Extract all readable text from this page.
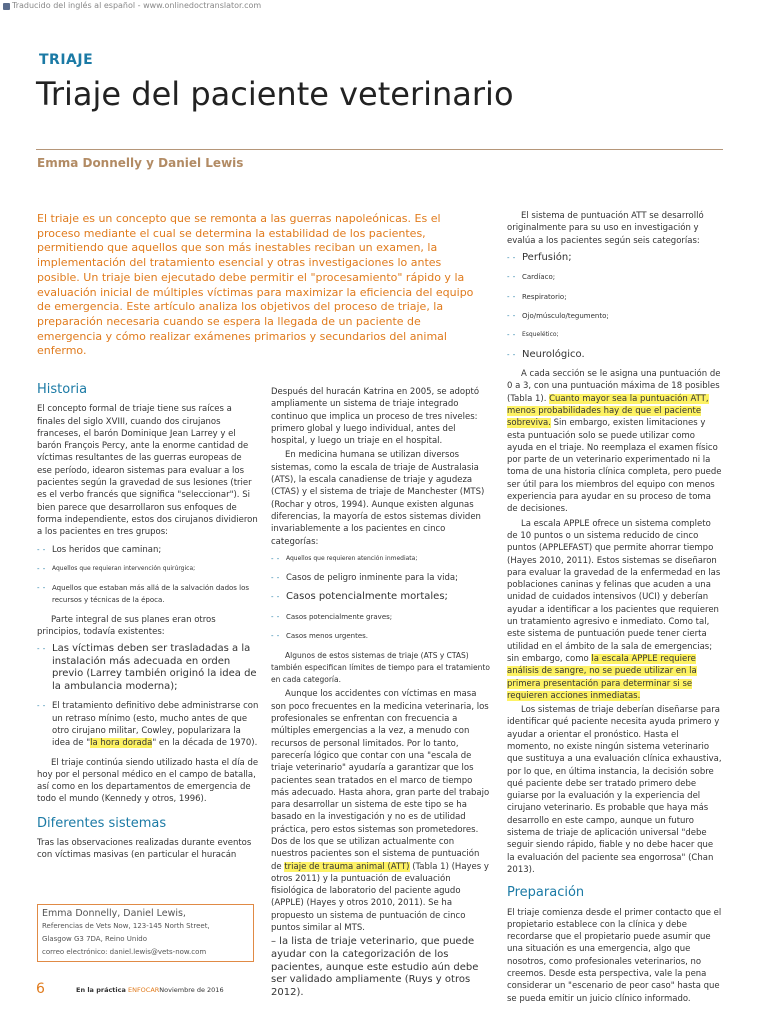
Traducido del inglés al español - www.onlinedoctranslator.com
TRIAJE
Triaje del paciente veterinario
Emma Donnelly y Daniel Lewis

El triaje es un concepto que se remonta a las guerras napoleónicas. Es el proceso mediante el cual se determina la estabilidad de los pacientes, permitiendo que aquellos que son más inestables reciban un examen, la implementación del tratamiento esencial y otras investigaciones lo antes posible. Un triaje bien ejecutado debe permitir el "procesamiento" rápido y la evaluación inicial de múltiples víctimas para maximizar la eficiencia del equipo de emergencia. Este artículo analiza los objetivos del proceso de triaje, la preparación necesaria cuando se espera la llegada de un paciente de emergencia y cómo realizar exámenes primarios y secundarios del animal enfermo.

Historia

El concepto formal de triaje tiene sus raíces a finales del siglo XVIII, cuando dos cirujanos franceses, el barón Dominique Jean Larrey y el barón François Percy, ante la enorme cantidad de víctimas resultantes de las guerras europeas de ese período, idearon sistemas para evaluar a los pacientes según la gravedad de sus lesiones (trier es el verbo francés que significa "seleccionar"). Si bien parece que desarrollaron sus enfoques de forma independiente, estos dos cirujanos dividieron a los pacientes en tres grupos:

- - Los heridos que caminan;
- - Aquellos que requieran intervención quirúrgica;
- - Aquellos que estaban más allá de la salvación dados los recursos y técnicas de la época.

Parte integral de sus planes eran otros principios, todavía existentes:

- - Las víctimas deben ser trasladadas a la instalación más adecuada en orden previo (Larrey también originó la idea de la ambulancia moderna);
- - El tratamiento definitivo debe administrarse con un retraso mínimo (esto, mucho antes de que otro cirujano militar, Cowley, popularizara la idea de "la hora dorada" en la década de 1970).

El triaje continúa siendo utilizado hasta el día de hoy por el personal médico en el campo de batalla, así como en los departamentos de emergencia de todo el mundo (Kennedy y otros, 1996).

Diferentes sistemas

Tras las observaciones realizadas durante eventos con víctimas masivas (en particular el huracán

Emma Donnelly, Daniel Lewis,
Referencias de Vets Now, 123-145 North Street,
Glasgow G3 7DA, Reino Unido
correo electrónico: daniel.lewis@vets-now.com

Después del huracán Katrina en 2005, se adoptó ampliamente un sistema de triaje integrado continuo que implica un proceso de tres niveles: primero global y luego individual, antes del hospital, y luego un triaje en el hospital.

En medicina humana se utilizan diversos sistemas, como la escala de triaje de Australasia (ATS), la escala canadiense de triaje y agudeza (CTAS) y el sistema de triaje de Manchester (MTS) (Rochar y otros, 1994). Aunque existen algunas diferencias, la mayoría de estos sistemas dividen invariablemente a los pacientes en cinco categorías:

- - Aquellos que requieren atención inmediata;
- - Casos de peligro inminente para la vida;
- - Casos potencialmente mortales;
- - Casos potencialmente graves;
- - Casos menos urgentes.

Algunos de estos sistemas de triaje (ATS y CTAS) también especifican límites de tiempo para el tratamiento en cada categoría.

Aunque los accidentes con víctimas en masa son poco frecuentes en la medicina veterinaria, los profesionales se enfrentan con frecuencia a múltiples emergencias a la vez, a menudo con recursos de personal limitados. Por lo tanto, parecería lógico que contar con una "escala de triaje veterinario" ayudaría a garantizar que los pacientes sean tratados en el marco de tiempo más adecuado. Hasta ahora, gran parte del trabajo para desarrollar un sistema de este tipo se ha basado en la investigación y no es de utilidad práctica, pero estos sistemas son prometedores. Dos de los que se utilizan actualmente con nuestros pacientes son el sistema de puntuación de triaje de trauma animal (ATT) (Tabla 1) (Hayes y otros 2011) y la puntuación de evaluación fisiológica de laboratorio del paciente agudo (APPLE) (Hayes y otros 2010, 2011). Se ha propuesto un sistema de puntuación de cinco puntos similar al MTS.

– la lista de triaje veterinario, que puede ayudar con la categorización de los pacientes, aunque este estudio aún debe ser validado ampliamente (Ruys y otros 2012).

El sistema de puntuación ATT se desarrolló originalmente para su uso en investigación y evalúa a los pacientes según seis categorías:

- - Perfusión;
- - Cardíaco;
- - Respiratorio;
- - Ojo/músculo/tegumento;
- - Esquelético;
- - Neurológico.

A cada sección se le asigna una puntuación de 0 a 3, con una puntuación máxima de 18 posibles (Tabla 1). Cuanto mayor sea la puntuación ATT, menos probabilidades hay de que el paciente sobreviva. Sin embargo, existen limitaciones y esta puntuación solo se puede utilizar como ayuda en el triaje. No reemplaza el examen físico por parte de un veterinario experimentado ni la toma de una historia clínica completa, pero puede ser útil para los miembros del equipo con menos experiencia para ayudar en su proceso de toma de decisiones.

La escala APPLE ofrece un sistema completo de 10 puntos o un sistema reducido de cinco puntos (APPLEFAST) que permite ahorrar tiempo (Hayes 2010, 2011). Estos sistemas se diseñaron para evaluar la gravedad de la enfermedad en las poblaciones caninas y felinas que acuden a una unidad de cuidados intensivos (UCI) y deberían ayudar a identificar a los pacientes que requieren un tratamiento agresivo e inmediato. Como tal, este sistema de puntuación puede tener cierta utilidad en el ámbito de la sala de emergencias; sin embargo, como la escala APPLE requiere análisis de sangre, no se puede utilizar en la primera presentación para determinar si se requieren acciones inmediatas.

Los sistemas de triaje deberían diseñarse para identificar qué paciente necesita ayuda primero y ayudar a orientar el pronóstico. Hasta el momento, no existe ningún sistema veterinario que sustituya a una evaluación clínica exhaustiva, por lo que, en última instancia, la decisión sobre qué paciente debe ser tratado primero debe guiarse por la evaluación y la experiencia del cirujano veterinario. Es probable que haya más desarrollo en este campo, aunque un futuro sistema de triaje de aplicación universal "debe seguir siendo rápido, fiable y no debe hacer que la evaluación del paciente sea engorrosa" (Chan 2013).

Preparación

El triaje comienza desde el primer contacto que el propietario establece con la clínica y debe recordarse que el propietario puede asumir que una situación es una emergencia, algo que nosotros, como profesionales veterinarios, no creemos. Desde esta perspectiva, vale la pena considerar un "escenario de peor caso" hasta que se pueda emitir un juicio clínico informado.

6	En la práctica ENFOCARNoviembre de 2016
